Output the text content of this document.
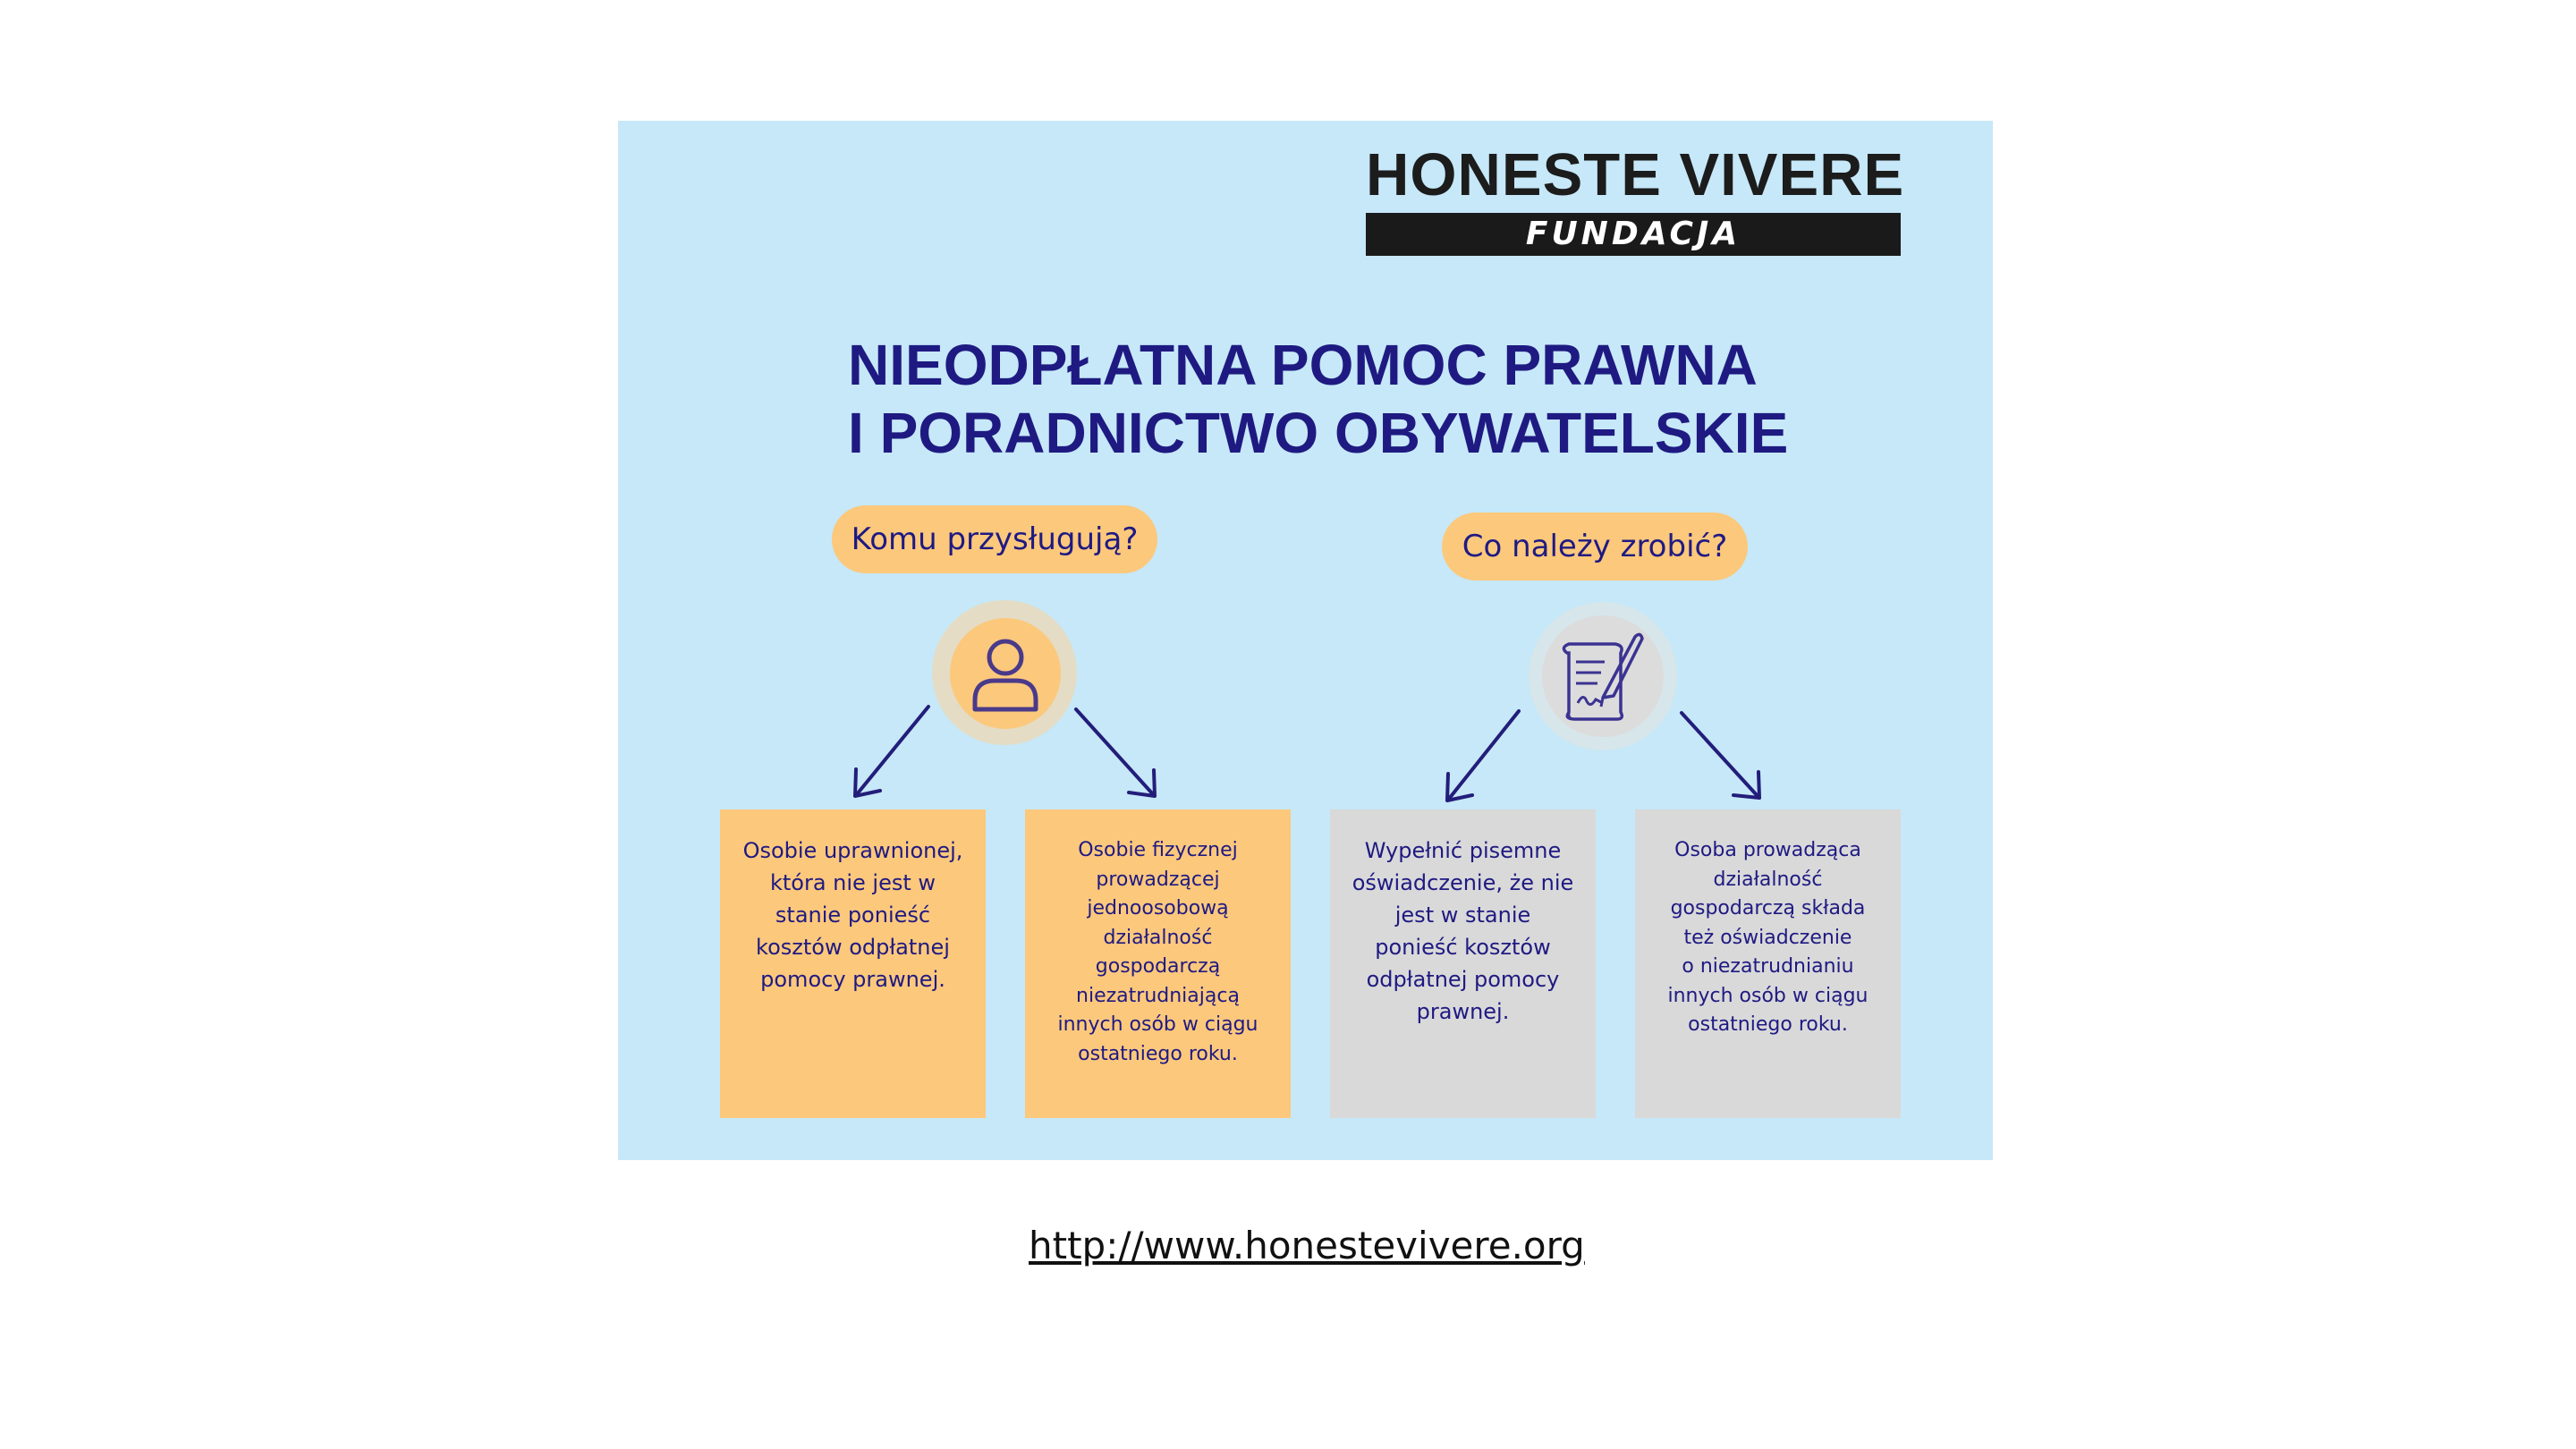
HONESTE VIVERE
FUNDACJA
NIEODPŁATNA POMOC PRAWNA
I PORADNICTWO OBYWATELSKIE
Komu przysługują?	Co należy zrobić?
Osobie uprawnionej,
która nie jest w
stanie ponieść
kosztów odpłatnej
pomocy prawnej.
Osobie fizycznej
prowadzącej
jednoosobową
działalność
gospodarczą
niezatrudniającą
innych osób w ciągu
ostatniego roku.
Wypełnić pisemne
oświadczenie, że nie
jest w stanie
ponieść kosztów
odpłatnej pomocy
prawnej.
Osoba prowadząca
działalność
gospodarczą składa
też oświadczenie
o niezatrudnianiu
innych osób w ciągu
ostatniego roku.
http://www.honestevivere.org
